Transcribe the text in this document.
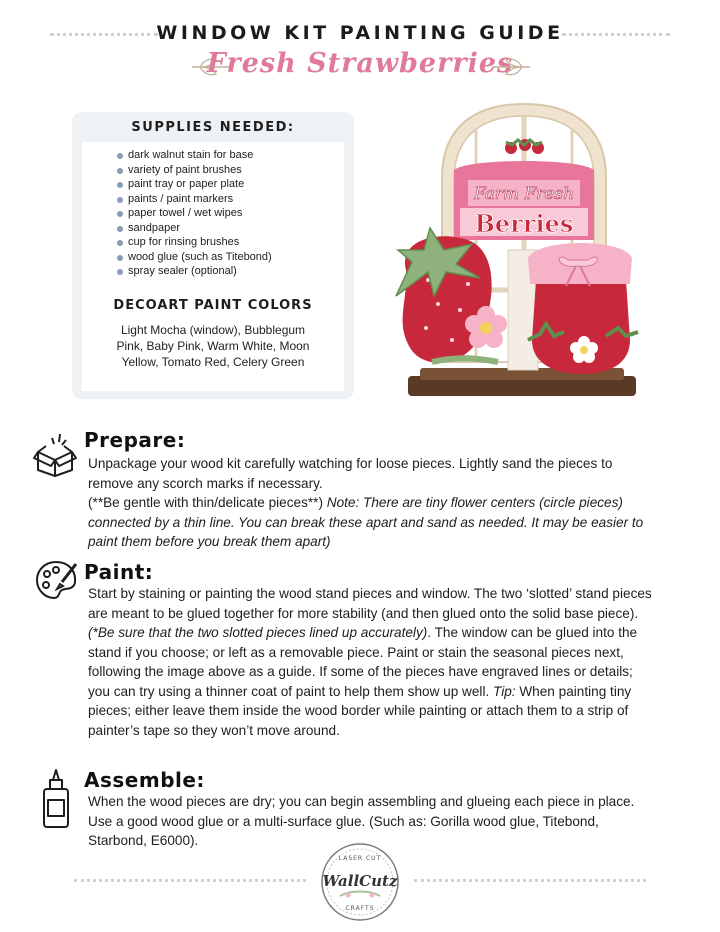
WINDOW KIT PAINTING GUIDE
Fresh Strawberries
SUPPLIES NEEDED:
dark walnut stain for base
variety of paint brushes
paint tray or paper plate
paints / paint markers
paper towel / wet wipes
sandpaper
cup for rinsing brushes
wood glue (such as Titebond)
spray sealer (optional)
DECOART PAINT COLORS
Light Mocha (window), Bubblegum Pink, Baby Pink, Warm White, Moon Yellow, Tomato Red, Celery Green
Farm Fresh
Berries
Prepare:

Unpackage your wood kit carefully watching for loose pieces. Lightly sand the pieces to remove any scorch marks if necessary.

(**Be gentle with thin/delicate pieces**) Note: There are tiny flower centers (circle pieces) connected by a thin line. You can break these apart and sand as needed. It may be easier to paint them before you break them apart)

Paint:

Start by staining or painting the wood stand pieces and window. The two ‘slotted’ stand pieces are meant to be glued together for more stability (and then glued onto the solid base piece). (*Be sure that the two slotted pieces lined up accurately). The window can be glued into the stand if you choose; or left as a removable piece. Paint or stain the seasonal pieces next, following the image above as a guide. If some of the pieces have engraved lines or details; you can try using a thinner coat of paint to help them show up well. Tip: When painting tiny pieces; either leave them inside the wood border while painting or attach them to a strip of painter’s tape so they won’t move around.

Assemble:

When the wood pieces are dry; you can begin assembling and glueing each piece in place. Use a good wood glue or a multi-surface glue. (Such as: Gorilla wood glue, Titebond, Starbond, E6000).

LASER CUT
WallCutz
CRAFTS
